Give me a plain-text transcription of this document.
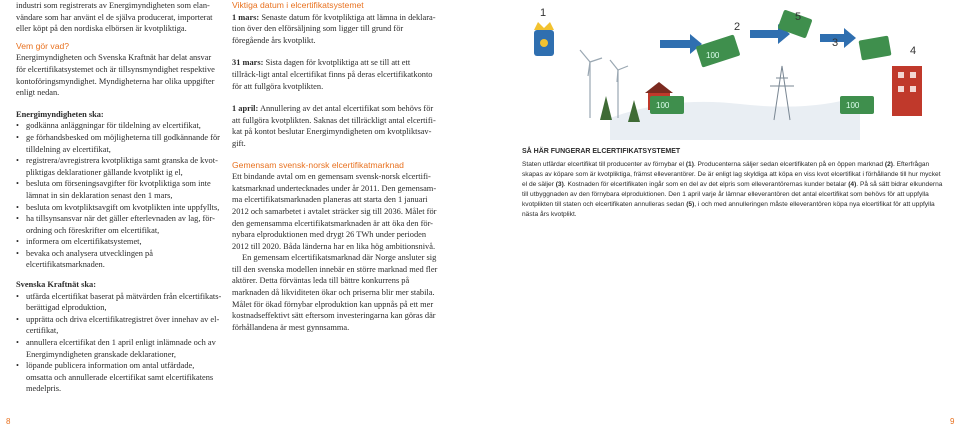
industri som registrerats av Energimyndigheten som elan-vändare som har använt el de själva producerat, importerat eller köpt på den nordiska elbörsen är kvotpliktiga.

Vem gör vad?

Energimyndigheten och Svenska Kraftnät har delat ansvar för elcertifikatsystemet och är tillsynsmyndighet respektive kontoföringsmyndighet. Myndigheterna har olika uppgifter enligt nedan.

Energimyndigheten ska:

• godkänna anläggningar för tildelning av elcertifikat,
• ge förhandsbesked om möjligheterna till godkännande för tilldelning av elcertifikat,
• registrera/avregistrera kvotpliktiga samt granska de kvot-pliktigas deklarationer gällande kvotplikt ig el,
• besluta om förseningsavgifter för kvotpliktiga som inte lämnat in sin deklaration senast den 1 mars,
• besluta om kvotpliktsavgift om kvotplikten inte uppfyllts,
• ha tillsynsansvar när det gäller efterlevnaden av lag, för-ordning och föreskrifter om elcertifikat,
• informera om elcertifikatsystemet,
• bevaka och analysera utvecklingen på elcertifikatsmarknaden.

Svenska Kraftnät ska:

• utfärda elcertifikat baserat på mätvärden från elcertifikats-berättigad elproduktion,
• upprätta och driva elcertifikatregistret över innehav av el-certifikat,
• annullera elcertifikat den 1 april enligt inlämnade och av Energimyndigheten granskade deklarationer,
• löpande publicera information om antal utfärdade, omsatta och annullerade elcertifikat samt elcertifikatens medelpris.

Viktiga datum i elcertifikatsystemet

1 mars: Senaste datum för kvotpliktiga att lämna in deklara-tion över den elförsäljning som ligger till grund för föregående års kvotplikt.

31 mars: Sista dagen för kvotpliktiga att se till att ett tillräck-ligt antal elcertifikat finns på deras elcertifikatkonto för att fullgöra kvotplikten.

1 april: Annullering av det antal elcertifikat som behövs för att fullgöra kvotplikten. Saknas det tillräckligt antal elcertifi-kat på kontot beslutar Energimyndigheten om kvotpliktsav-gift.

Gemensam svensk-norsk elcertifikatmarknad

Ett bindande avtal om en gemensam svensk-norsk elcertifi-katsmarknad undertecknades under år 2011. Den gemensam-ma elcertifikatsmarknaden planeras att starta den 1 januari 2012 och samarbetet i avtalet sträcker sig till 2036. Målet för den gemensamma elcertifikatsmarknaden är att öka den för-nybara elproduktionen med drygt 26 TWh under perioden 2012 till 2020. Båda länderna har en lika hög ambitionsnivå.

En gemensam elcertifikatsmarknad där Norge ansluter sig till den svenska modellen innebär en större marknad med fler aktörer. Detta förväntas leda till bättre konkurrens på marknaden då likviditeten ökar och priserna blir mer stabila. Målet för ökad förnybar elproduktion kan uppnås på ett mer kostnadseffektivt sätt eftersom investeringarna kan göras där förhållandena är mest gynnsamma.

1
100
2
100	100
5
3
4
SÅ HÄR FUNGERAR ELCERTIFIKATSYSTEMET
Staten utfärdar elcertifikat till producenter av förnybar el (1). Producenterna säljer sedan elcertifikaten på en öppen marknad (2). Efterfrågan skapas av köpare som är kvotpliktiga, främst elleverantörer. De är enligt lag skyldiga att köpa en viss kvot elcertifikat i förhållande till hur mycket el de säljer (3). Kostnaden för elcertifikaten ingår som en del av det elpris som elleverantörernas kunder betalar (4). På så sätt bidrar elkunderna till utbyggnaden av den förnybara elproduktionen. Den 1 april varje år lämnar elleverantören det antal elcertifikat som behövs för att uppfylla kvotplikten till staten och elcertifikaten annulleras sedan (5), i och med annulleringen måste elleverantören köpa nya elcertifikat för att uppfylla nästa års kvotplikt.
8	9
